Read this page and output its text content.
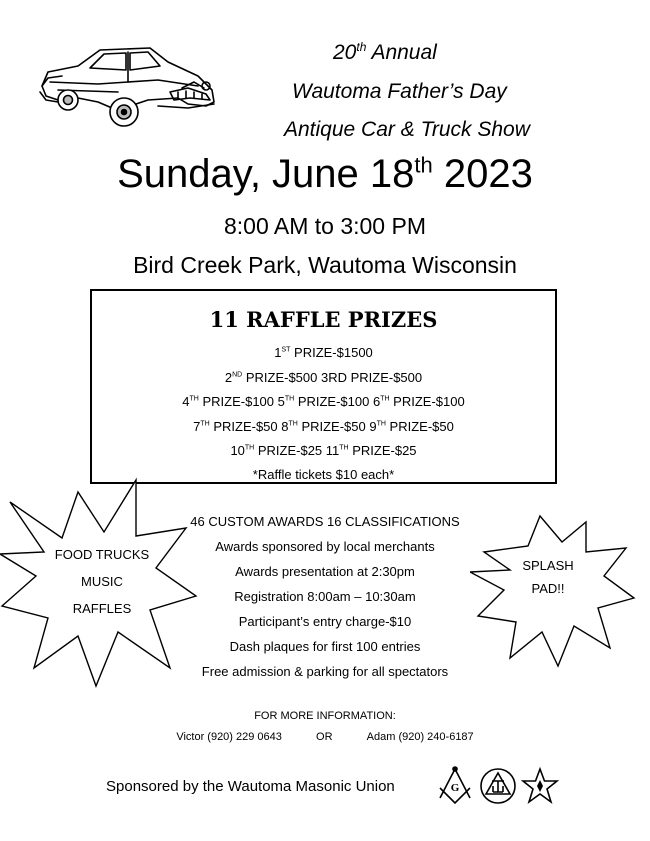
20th Annual
Wautoma Father’s Day
Antique Car & Truck Show
Sunday, June 18th 2023
8:00 AM to 3:00 PM
Bird Creek Park, Wautoma Wisconsin
11 RAFFLE PRIZES
1ST PRIZE-$1500
2ND PRIZE-$500 3RD PRIZE-$500
4TH PRIZE-$100 5TH PRIZE-$100 6TH PRIZE-$100
7TH PRIZE-$50 8TH PRIZE-$50 9TH PRIZE-$50
10TH PRIZE-$25 11TH PRIZE-$25
*Raffle tickets $10 each*
FOOD TRUCKS
MUSIC
RAFFLES
SPLASH
PAD!!
46 CUSTOM AWARDS 16 CLASSIFICATIONS
Awards sponsored by local merchants
Awards presentation at 2:30pm
Registration 8:00am – 10:30am
Participant’s entry charge-$10
Dash plaques for first 100 entries
Free admission & parking for all spectators
FOR MORE INFORMATION:
Victor (920) 229 0643	OR	Adam (920) 240-6187
Sponsored by the Wautoma Masonic Union	G
